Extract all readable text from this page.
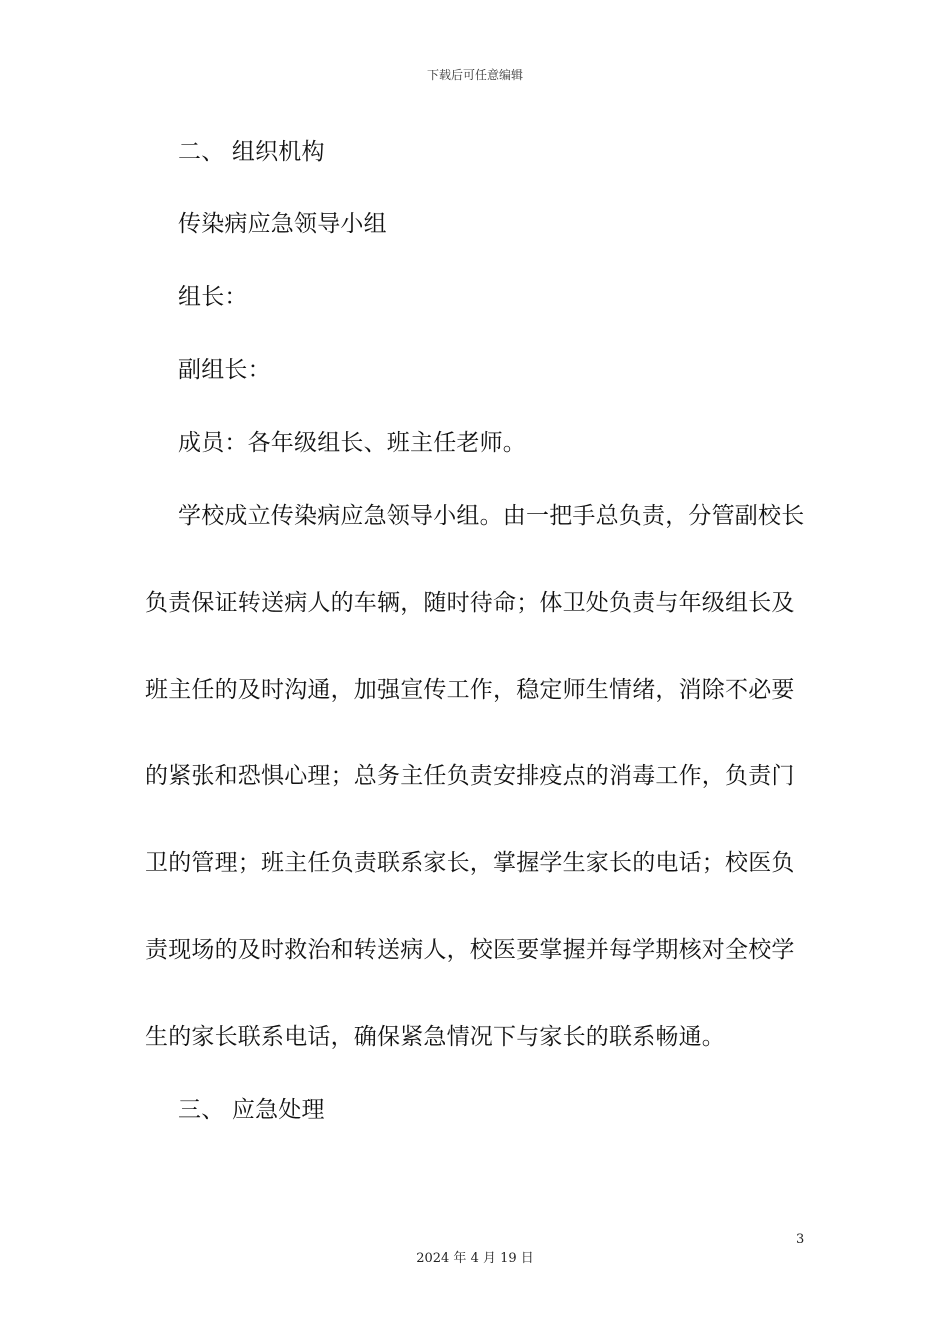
下载后可任意编辑
二、 组织机构
传染病应急领导小组
组长：
副组长：
成员：各年级组长、班主任老师。
学校成立传染病应急领导小组。由一把手总负责，分管副校长
负责保证转送病人的车辆，随时待命；体卫处负责与年级组长及
班主任的及时沟通，加强宣传工作，稳定师生情绪，消除不必要
的紧张和恐惧心理；总务主任负责安排疫点的消毒工作，负责门
卫的管理；班主任负责联系家长，掌握学生家长的电话；校医负
责现场的及时救治和转送病人，校医要掌握并每学期核对全校学
生的家长联系电话，确保紧急情况下与家长的联系畅通。
三、 应急处理
3
2024 年 4 月 19 日
